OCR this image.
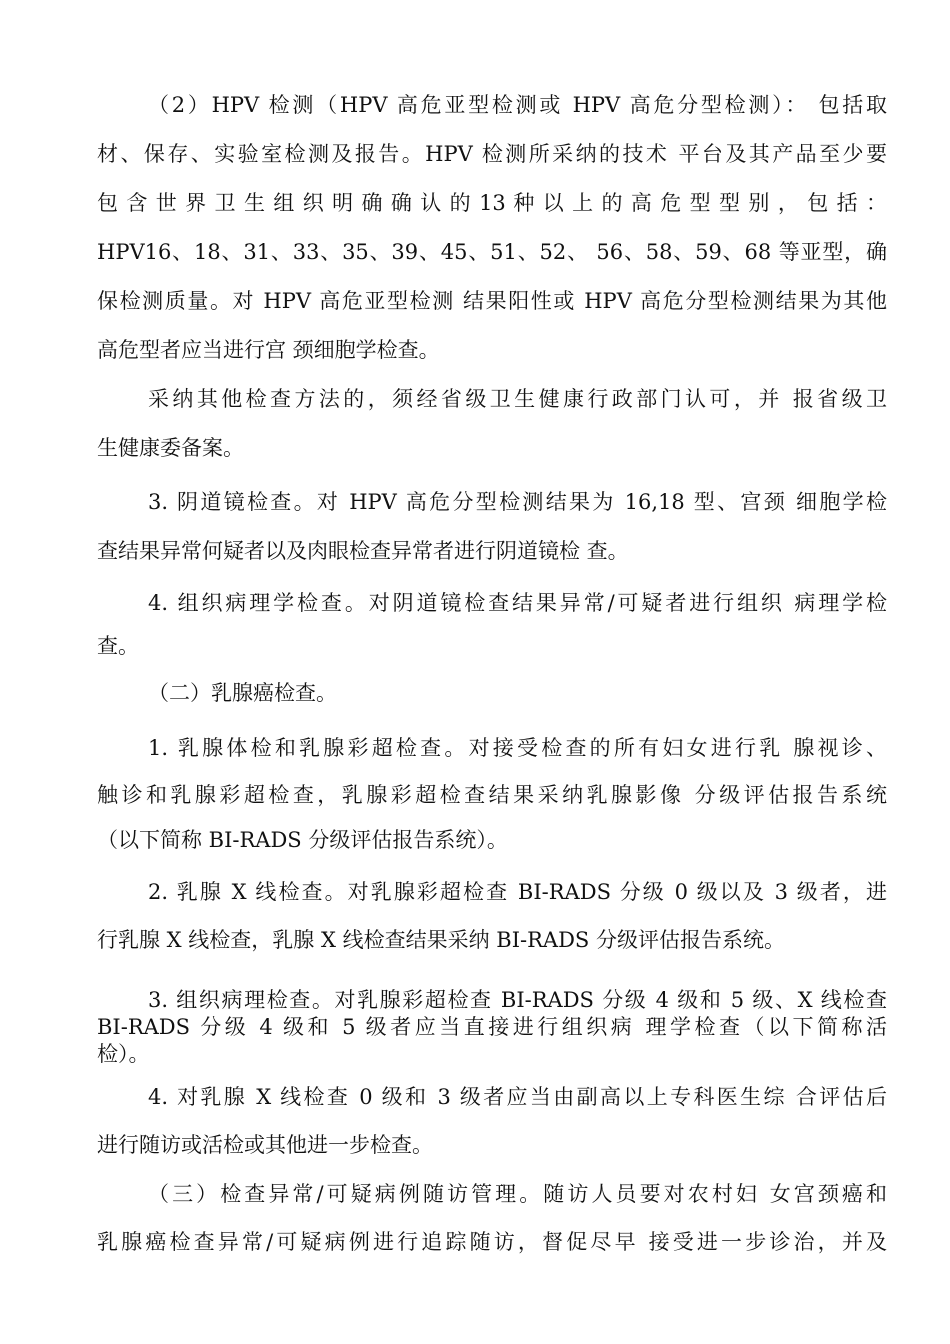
（2）HPV 检测（HPV 高危亚型检测或 HPV 高危分型检测）： 包括取
材、保存、实验室检测及报告。HPV 检测所采纳的技术 平台及其产品至少要
包 含 世 界 卫 生 组 织 明 确 确 认 的 13 种 以 上 的 高 危 型 型 别 ， 包 括 ：
HPV16、18、31、33、35、39、45、51、52、 56、58、59、68 等亚型，确
保检测质量。对 HPV 高危亚型检测 结果阳性或 HPV 高危分型检测结果为其他
高危型者应当进行宫 颈细胞学检查。
采纳其他检查方法的，须经省级卫生健康行政部门认可，并 报省级卫
生健康委备案。
3. 阴道镜检查。对 HPV 高危分型检测结果为 16,18 型、宫颈 细胞学检
查结果异常何疑者以及肉眼检查异常者进行阴道镜检 查。
4. 组织病理学检查。对阴道镜检查结果异常/可疑者进行组织 病理学检
查。
（二）乳腺癌检查。
1. 乳腺体检和乳腺彩超检查。对接受检查的所有妇女进行乳 腺视诊、
触诊和乳腺彩超检查，乳腺彩超检查结果采纳乳腺影像 分级评估报告系统
（以下简称 BI-RADS 分级评估报告系统）。
2. 乳腺 X 线检查。对乳腺彩超检查 BI-RADS 分级 0 级以及 3 级者，进
行乳腺 X 线检查，乳腺 X 线检查结果采纳 BI-RADS 分级评估报告系统。
3. 组织病理检查。对乳腺彩超检查 BI-RADS 分级 4 级和 5 级、X 线检查
BI-RADS 分级 4 级和 5 级者应当直接进行组织病 理学检查（以下简称活
检）。
4. 对乳腺 X 线检查 0 级和 3 级者应当由副高以上专科医生综 合评估后
进行随访或活检或其他进一步检查。
（三）检查异常/可疑病例随访管理。随访人员要对农村妇 女宫颈癌和
乳腺癌检查异常/可疑病例进行追踪随访，督促尽早 接受进一步诊治，并及
